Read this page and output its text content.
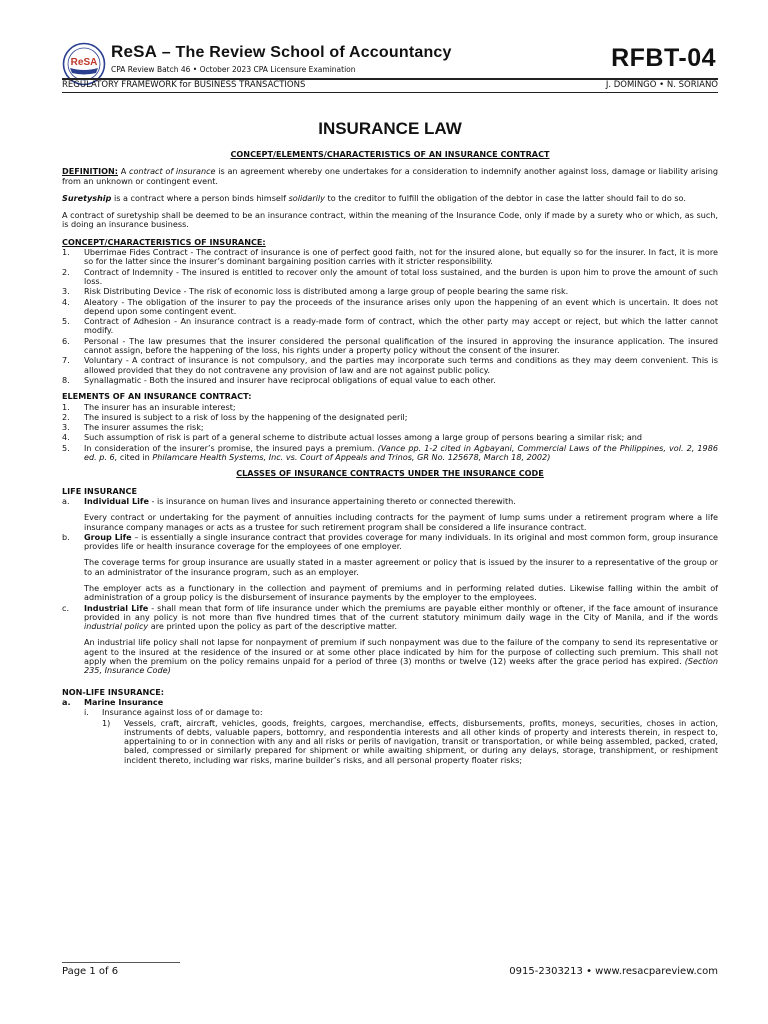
ReSA
ReSA – The Review School of Accountancy
CPA Review Batch 46 • October 2023 CPA Licensure Examination	RFBT-04
REGULATORY FRAMEWORK for BUSINESS TRANSACTIONS	J. DOMINGO • N. SORIANO
INSURANCE LAW
CONCEPT/ELEMENTS/CHARACTERISTICS OF AN INSURANCE CONTRACT

DEFINITION: A contract of insurance is an agreement whereby one undertakes for a consideration to indemnify another against loss, damage or liability arising from an unknown or contingent event.

Suretyship is a contract where a person binds himself solidarily to the creditor to fulfill the obligation of the debtor in case the latter should fail to do so.

A contract of suretyship shall be deemed to be an insurance contract, within the meaning of the Insurance Code, only if made by a surety who or which, as such, is doing an insurance business.

CONCEPT/CHARACTERISTICS OF INSURANCE:
1. Uberrimae Fides Contract - The contract of insurance is one of perfect good faith, not for the insured alone, but equally so for the insurer. In fact, it is more so for the latter since the insurer’s dominant bargaining position carries with it stricter responsibility.
2. Contract of Indemnity - The insured is entitled to recover only the amount of total loss sustained, and the burden is upon him to prove the amount of such loss.
3. Risk Distributing Device - The risk of economic loss is distributed among a large group of people bearing the same risk.
4. Aleatory - The obligation of the insurer to pay the proceeds of the insurance arises only upon the happening of an event which is uncertain. It does not depend upon some contingent event.
5. Contract of Adhesion - An insurance contract is a ready-made form of contract, which the other party may accept or reject, but which the latter cannot modify.
6. Personal - The law presumes that the insurer considered the personal qualification of the insured in approving the insurance application. The insured cannot assign, before the happening of the loss, his rights under a property policy without the consent of the insurer.
7. Voluntary - A contract of insurance is not compulsory, and the parties may incorporate such terms and conditions as they may deem convenient. This is allowed provided that they do not contravene any provision of law and are not against public policy.
8. Synallagmatic - Both the insured and insurer have reciprocal obligations of equal value to each other.
ELEMENTS OF AN INSURANCE CONTRACT:
1. The insurer has an insurable interest;
2. The insured is subject to a risk of loss by the happening of the designated peril;
3. The insurer assumes the risk;
4. Such assumption of risk is part of a general scheme to distribute actual losses among a large group of persons bearing a similar risk; and
5. In consideration of the insurer’s promise, the insured pays a premium. (Vance pp. 1-2 cited in Agbayani, Commercial Laws of the Philippines, vol. 2, 1986 ed. p. 6, cited in Philamcare Health Systems, Inc. vs. Court of Appeals and Trinos, GR No. 125678, March 18, 2002)
CLASSES OF INSURANCE CONTRACTS UNDER THE INSURANCE CODE
LIFE INSURANCE
a. Individual Life - is insurance on human lives and insurance appertaining thereto or connected therewith.
Every contract or undertaking for the payment of annuities including contracts for the payment of lump sums under a retirement program where a life insurance company manages or acts as a trustee for such retirement program shall be considered a life insurance contract.
b. Group Life – is essentially a single insurance contract that provides coverage for many individuals. In its original and most common form, group insurance provides life or health insurance coverage for the employees of one employer.
The coverage terms for group insurance are usually stated in a master agreement or policy that is issued by the insurer to a representative of the group or to an administrator of the insurance program, such as an employer.
The employer acts as a functionary in the collection and payment of premiums and in performing related duties. Likewise falling within the ambit of administration of a group policy is the disbursement of insurance payments by the employer to the employees.
c. Industrial Life - shall mean that form of life insurance under which the premiums are payable either monthly or oftener, if the face amount of insurance provided in any policy is not more than five hundred times that of the current statutory minimum daily wage in the City of Manila, and if the words industrial policy are printed upon the policy as part of the descriptive matter.
An industrial life policy shall not lapse for nonpayment of premium if such nonpayment was due to the failure of the company to send its representative or agent to the insured at the residence of the insured or at some other place indicated by him for the purpose of collecting such premium. This shall not apply when the premium on the policy remains unpaid for a period of three (3) months or twelve (12) weeks after the grace period has expired. (Section 235, Insurance Code)
NON-LIFE INSURANCE:
a. Marine Insurance
i. Insurance against loss of or damage to:
1) Vessels, craft, aircraft, vehicles, goods, freights, cargoes, merchandise, effects, disbursements, profits, moneys, securities, choses in action, instruments of debts, valuable papers, bottomry, and respondentia interests and all other kinds of property and interests therein, in respect to, appertaining to or in connection with any and all risks or perils of navigation, transit or transportation, or while being assembled, packed, crated, baled, compressed or similarly prepared for shipment or while awaiting shipment, or during any delays, storage, transhipment, or reshipment incident thereto, including war risks, marine builder’s risks, and all personal property floater risks;
Page 1 of 6	0915-2303213 • www.resacpareview.com
